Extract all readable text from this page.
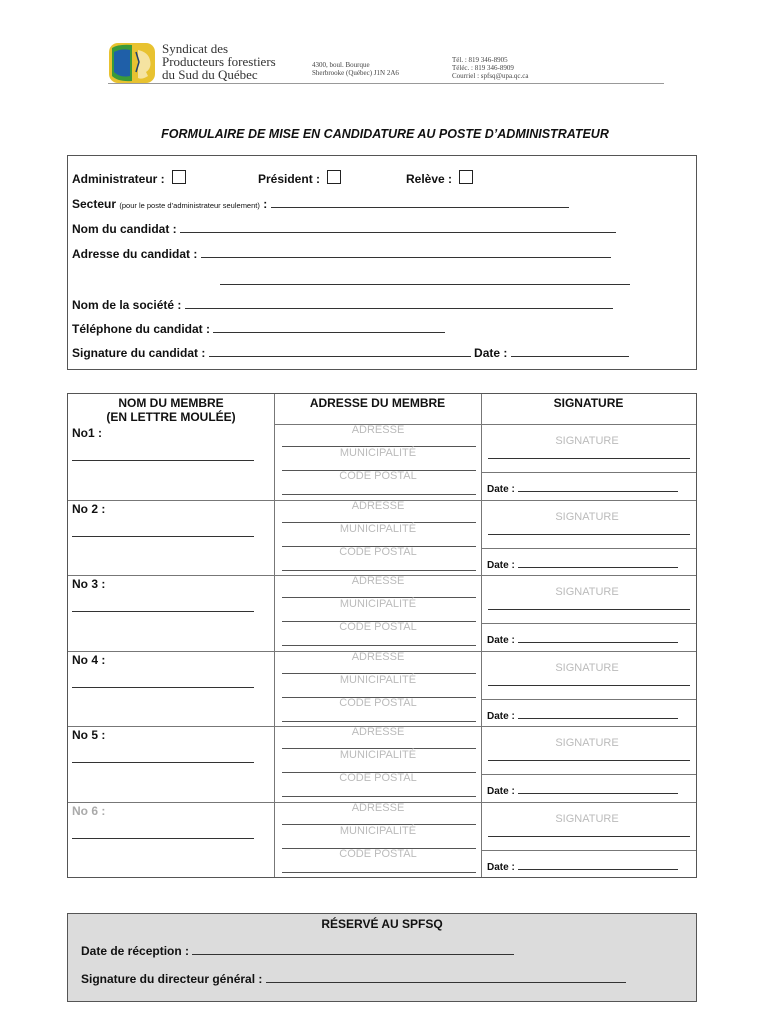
Syndicat des
Producteurs forestiers
du Sud du Québec
4300, boul. Bourque
Sherbrooke (Québec) J1N 2A6
Tél. : 819 346-8905
Téléc. : 819 346-8909
Courriel : spfsq@upa.qc.ca
FORMULAIRE DE MISE EN CANDIDATURE AU POSTE D’ADMINISTRATEUR
Administrateur :	Président :	Relève :
Secteur (pour le poste d’administrateur seulement) :
Nom du candidat :
Adresse du candidat :
Nom de la société :
Téléphone du candidat :
Signature du candidat :	Date :
NOM DU MEMBRE
(EN LETTRE MOULÉE)
ADRESSE DU MEMBRE	SIGNATURE
No1 :	ADRESSE
MUNICIPALITÉ
CODE POSTAL
SIGNATURE
Date :
No 2 :	ADRESSE
MUNICIPALITÉ
CODE POSTAL
SIGNATURE
Date :
No 3 :	ADRESSE
MUNICIPALITÉ
CODE POSTAL
SIGNATURE
Date :
No 4 :	ADRESSE
MUNICIPALITÉ
CODE POSTAL
SIGNATURE
Date :
No 5 :	ADRESSE
MUNICIPALITÉ
CODE POSTAL
SIGNATURE
Date :
No 6 :	ADRESSE
MUNICIPALITÉ
CODE POSTAL
SIGNATURE
Date :
RÉSERVÉ AU SPFSQ
Date de réception :
Signature du directeur général :
